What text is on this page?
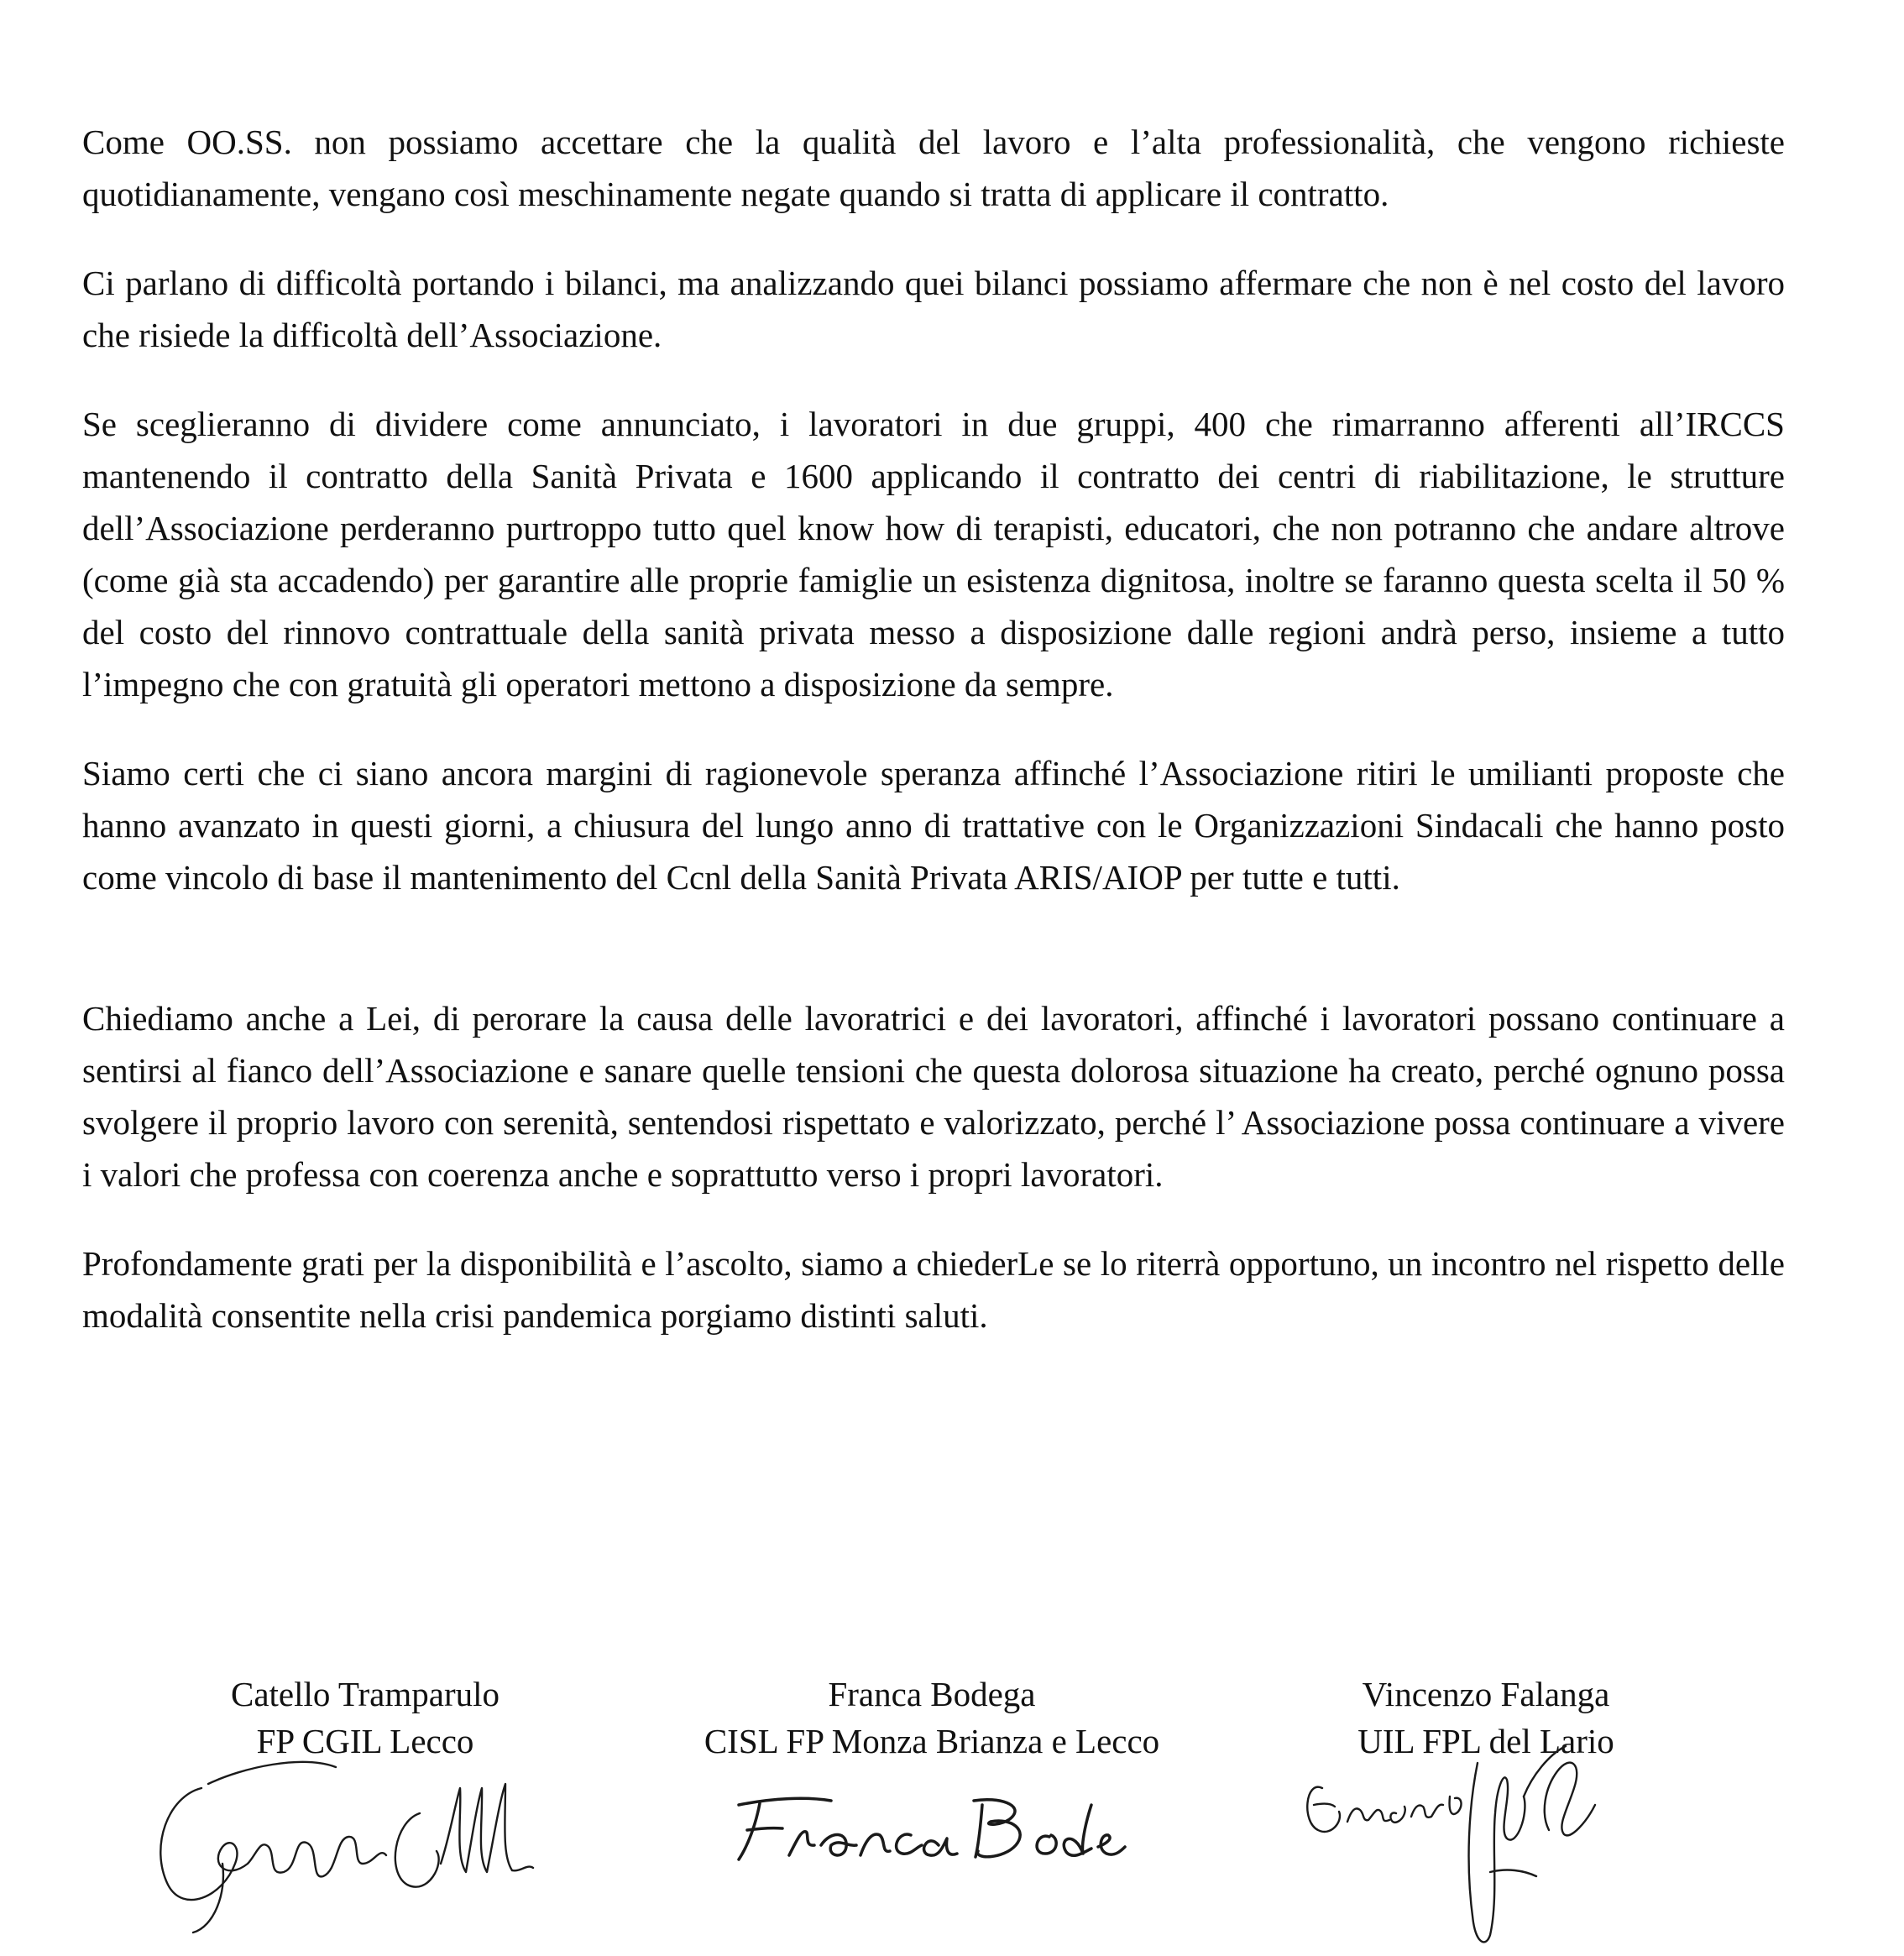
Come OO.SS. non possiamo accettare che la qualità del lavoro e l’alta professionalità, che vengono richieste quotidianamente, vengano così meschinamente negate quando si tratta di applicare il contratto.

Ci parlano di difficoltà portando i bilanci, ma analizzando quei bilanci possiamo affermare che non è nel costo del lavoro che risiede la difficoltà dell’Associazione.

Se sceglieranno di dividere come annunciato, i lavoratori in due gruppi, 400 che rimarranno afferenti all’IRCCS mantenendo il contratto della Sanità Privata e 1600 applicando il contratto dei centri di riabilitazione, le strutture dell’Associazione perderanno purtroppo tutto quel know how di terapisti, educatori, che non potranno che andare altrove (come già sta accadendo) per garantire alle proprie famiglie un esistenza dignitosa, inoltre se faranno questa scelta il 50 % del costo del rinnovo contrattuale della sanità privata messo a disposizione dalle regioni andrà perso, insieme a tutto l’impegno che con gratuità gli operatori mettono a disposizione da sempre.

Siamo certi che ci siano ancora margini di ragionevole speranza affinché l’Associazione ritiri le umilianti proposte che hanno avanzato in questi giorni, a chiusura del lungo anno di trattative con le Organizzazioni Sindacali che hanno posto come vincolo di base il mantenimento del Ccnl della Sanità Privata ARIS/AIOP per tutte e tutti.

Chiediamo anche a Lei, di perorare la causa delle lavoratrici e dei lavoratori, affinché i lavoratori possano continuare a sentirsi al fianco dell’Associazione e sanare quelle tensioni che questa dolorosa situazione ha creato, perché ognuno possa svolgere il proprio lavoro con serenità, sentendosi rispettato e valorizzato, perché l’ Associazione possa continuare a vivere i valori che professa con coerenza anche e soprattutto verso i propri lavoratori.

Profondamente grati per la disponibilità e l’ascolto, siamo a chiederLe se lo riterrà opportuno, un incontro nel rispetto delle modalità consentite nella crisi pandemica porgiamo distinti saluti.

Catello Tramparulo
FP CGIL Lecco
Franca Bodega
CISL FP Monza Brianza e Lecco
Vincenzo Falanga
UIL FPL del Lario
